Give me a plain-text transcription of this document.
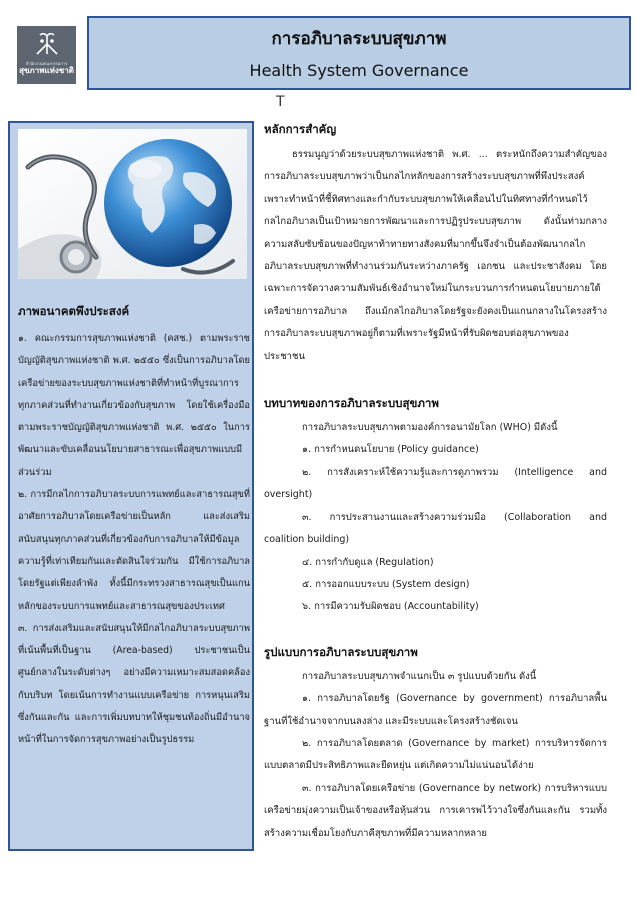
สำนักงานคณะกรรมการ
สุขภาพแห่งชาติ
การอภิบาลระบบสุขภาพ
Health System Governance
T
ภาพอนาคตพึงประสงค์

๑. คณะกรรมการสุขภาพแห่งชาติ (คสช.) ตามพระราชบัญญัติสุขภาพแห่งชาติ พ.ศ. ๒๕๕๐ ซึ่งเป็นการอภิบาลโดยเครือข่ายของระบบสุขภาพแห่งชาติที่ทำหน้าที่บูรณาการทุกภาคส่วนที่ทำงานเกี่ยวข้องกับสุขภาพ โดยใช้เครื่องมือตามพระราชบัญญัติสุขภาพแห่งชาติ พ.ศ. ๒๕๕๐ ในการพัฒนาและขับเคลื่อนนโยบายสาธารณะเพื่อสุขภาพแบบมีส่วนร่วม

๒. การมีกลไกการอภิบาลระบบการแพทย์และสาธารณสุขที่อาศัยการอภิบาลโดยเครือข่ายเป็นหลัก และส่งเสริมสนับสนุนทุกภาคส่วนที่เกี่ยวข้องกับการอภิบาลให้มีข้อมูลความรู้ที่เท่าเทียมกันและตัดสินใจร่วมกัน มีใช้การอภิบาลโดยรัฐแต่เพียงลำพัง ทั้งนี้มีกระทรวงสาธารณสุขเป็นแกนหลักของระบบการแพทย์และสาธารณสุขของประเทศ

๓. การส่งเสริมและสนับสนุนให้มีกลไกอภิบาลระบบสุขภาพที่เน้นพื้นที่เป็นฐาน (Area-based) ประชาชนเป็นศูนย์กลางในระดับต่างๆ อย่างมีความเหมาะสมสอดคล้องกับบริบท โดยเน้นการทำงานแบบเครือข่าย การหนุนเสริมซึ่งกันและกัน และการเพิ่มบทบาทให้ชุมชนท้องถิ่นมีอำนาจหน้าที่ในการจัดการสุขภาพอย่างเป็นรูปธรรม

หลักการสำคัญ

ธรรมนูญว่าด้วยระบบสุขภาพแห่งชาติ พ.ศ. ... ตระหนักถึงความสำคัญของการอภิบาลระบบสุขภาพว่าเป็นกลไกหลักของการสร้างระบบสุขภาพที่พึงประสงค์เพราะทำหน้าที่ชี้ทิศทางและกำกับระบบสุขภาพให้เคลื่อนไปในทิศทางที่กำหนดไว้ กลไกอภิบาลเป็นเป้าหมายการพัฒนาและการปฏิรูประบบสุขภาพ ดังนั้นท่ามกลางความสลับซับซ้อนของปัญหาท้าทายทางสังคมที่มากขึ้นจึงจำเป็นต้องพัฒนากลไกอภิบาลระบบสุขภาพที่ทำงานร่วมกันระหว่างภาครัฐ เอกชน และประชาสังคม โดยเฉพาะการจัดวางความสัมพันธ์เชิงอำนาจใหม่ในกระบวนการกำหนดนโยบายภายใต้เครือข่ายการอภิบาล ถึงแม้กลไกอภิบาลโดยรัฐจะยังคงเป็นแกนกลางในโครงสร้างการอภิบาลระบบสุขภาพอยู่ก็ตามที่เพราะรัฐมีหน้าที่รับผิดชอบต่อสุขภาพของประชาชน

บทบาทของการอภิบาลระบบสุขภาพ

การอภิบาลระบบสุขภาพตามองค์การอนามัยโลก (WHO) มีดังนี้

๑. การกำหนดนโยบาย (Policy guidance)

๒. การสังเคราะห์ใช้ความรู้และการดูภาพรวม (Intelligence and

oversight)

๓. การประสานงานและสร้างความร่วมมือ (Collaboration and

coalition building)

๔. การกำกับดูแล (Regulation)

๕. การออกแบบระบบ (System design)

๖. การมีความรับผิดชอบ (Accountability)

รูปแบบการอภิบาลระบบสุขภาพ

การอภิบาลระบบสุขภาพจำแนกเป็น ๓ รูปแบบด้วยกัน ดังนี้

๑. การอภิบาลโดยรัฐ (Governance by government) การอภิบาลพื้นฐานที่ใช้อำนาจจากบนลงล่าง และมีระบบและโครงสร้างชัดเจน

๒. การอภิบาลโดยตลาด (Governance by market) การบริหารจัดการแบบตลาดมีประสิทธิภาพและยืดหยุ่น แต่เกิดความไม่แน่นอนได้ง่าย

๓. การอภิบาลโดยเครือข่าย (Governance by network) การบริหารแบบเครือข่ายมุ่งความเป็นเจ้าของหรือหุ้นส่วน การเคารพไว้วางใจซึ่งกันและกัน รวมทั้งสร้างความเชื่อมโยงกับภาคีสุขภาพที่มีความหลากหลาย
